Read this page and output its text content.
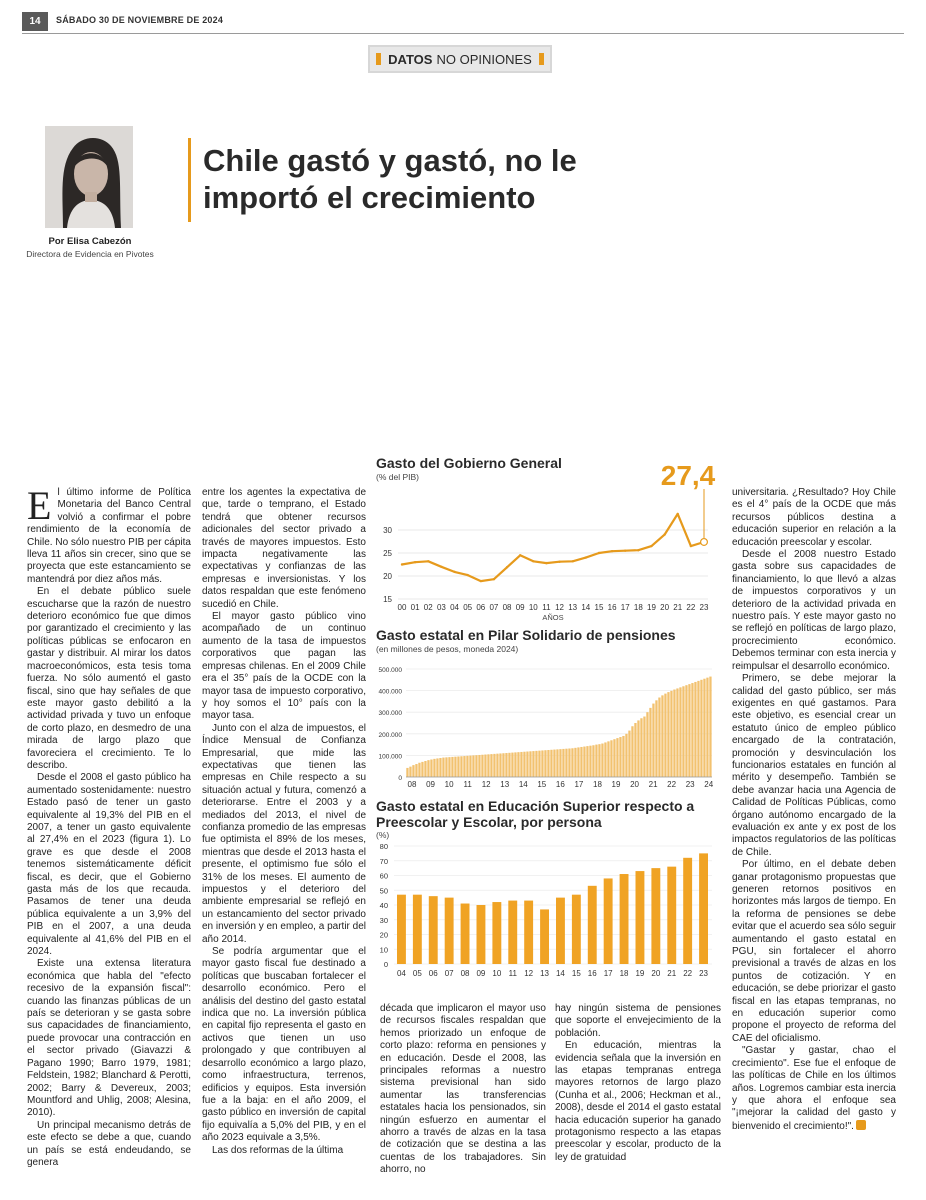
14	SÁBADO 30 DE NOVIEMBRE DE 2024
DATOS NO OPINIONES
Por Elisa Cabezón
Directora de Evidencia en Pivotes
Chile gastó y gastó, no le importó el crecimiento

El último informe de Política Monetaria del Banco Central volvió a confirmar el pobre rendimiento de la economía de Chile. No sólo nuestro PIB per cápita lleva 11 años sin crecer, sino que se proyecta que este estancamiento se mantendrá por diez años más.

En el debate público suele escucharse que la razón de nuestro deterioro económico fue que dimos por garantizado el crecimiento y las políticas públicas se enfocaron en gastar y distribuir. Al mirar los datos macroeconómicos, esta tesis toma fuerza. No sólo aumentó el gasto fiscal, sino que hay señales de que este mayor gasto debilitó a la actividad privada y tuvo un enfoque de corto plazo, en desmedro de una mirada de largo plazo que favoreciera el crecimiento. Te lo describo.

Desde el 2008 el gasto público ha aumentado sostenidamente: nuestro Estado pasó de tener un gasto equivalente al 19,3% del PIB en el 2007, a tener un gasto equivalente al 27,4% en el 2023 (figura 1). Lo grave es que desde el 2008 tenemos sistemáticamente déficit fiscal, es decir, que el Gobierno gasta más de los que recauda. Pasamos de tener una deuda pública equivalente a un 3,9% del PIB en el 2007, a una deuda equivalente al 41,6% del PIB en el 2024.

Existe una extensa literatura económica que habla del "efecto recesivo de la expansión fiscal": cuando las finanzas públicas de un país se deterioran y se gasta sobre sus capacidades de financiamiento, puede provocar una contracción en el sector privado (Giavazzi & Pagano 1990; Barro 1979, 1981; Feldstein, 1982; Blanchard & Perotti, 2002; Barry & Devereux, 2003; Mountford and Uhlig, 2008; Alesina, 2010).

Un principal mecanismo detrás de este efecto se debe a que, cuando un país se está endeudando, se genera

entre los agentes la expectativa de que, tarde o temprano, el Estado tendrá que obtener recursos adicionales del sector privado a través de mayores impuestos. Esto impacta negativamente las expectativas y confianzas de las empresas e inversionistas. Y los datos respaldan que este fenómeno sucedió en Chile.

El mayor gasto público vino acompañado de un continuo aumento de la tasa de impuestos corporativos que pagan las empresas chilenas. En el 2009 Chile era el 35° país de la OCDE con la mayor tasa de impuesto corporativo, y hoy somos el 10° país con la mayor tasa.

Junto con el alza de impuestos, el Índice Mensual de Confianza Empresarial, que mide las expectativas que tienen las empresas en Chile respecto a su situación actual y futura, comenzó a deteriorarse. Entre el 2003 y a mediados del 2013, el nivel de confianza promedio de las empresas fue optimista el 89% de los meses, mientras que desde el 2013 hasta el presente, el optimismo fue sólo el 31% de los meses. El aumento de impuestos y el deterioro del ambiente empresarial se reflejó en un estancamiento del sector privado en inversión y en empleo, a partir del año 2014.

Se podría argumentar que el mayor gasto fiscal fue destinado a políticas que buscaban fortalecer el desarrollo económico. Pero el análisis del destino del gasto estatal indica que no. La inversión pública en capital fijo representa el gasto en activos que tienen un uso prolongado y que contribuyen al desarrollo económico a largo plazo, como infraestructura, terrenos, edificios y equipos. Esta inversión fue a la baja: en el año 2009, el gasto público en inversión de capital fijo equivalía a 5,0% del PIB, y en el año 2023 equivale a 3,5%.

Las dos reformas de la última

década que implicaron el mayor uso de recursos fiscales respaldan que hemos priorizado un enfoque de corto plazo: reforma en pensiones y en educación. Desde el 2008, las principales reformas a nuestro sistema previsional han sido aumentar las transferencias estatales hacia los pensionados, sin ningún esfuerzo en aumentar el ahorro a través de alzas en la tasa de cotización que se destina a las cuentas de los trabajadores. Sin ahorro, no

hay ningún sistema de pensiones que soporte el envejecimiento de la población.

En educación, mientras la evidencia señala que la inversión en las etapas tempranas entrega mayores retornos de largo plazo (Cunha et al., 2006; Heckman et al., 2008), desde el 2014 el gasto estatal hacia educación superior ha ganado protagonismo respecto a las etapas preescolar y escolar, producto de la ley de gratuidad

universitaria. ¿Resultado? Hoy Chile es el 4° país de la OCDE que más recursos públicos destina a educación superior en relación a la educación preescolar y escolar.

Desde el 2008 nuestro Estado gasta sobre sus capacidades de financiamiento, lo que llevó a alzas de impuestos corporativos y un deterioro de la actividad privada en nuestro país. Y este mayor gasto no se reflejó en políticas de largo plazo, procrecimiento económico. Debemos terminar con esta inercia y reimpulsar el desarrollo económico.

Primero, se debe mejorar la calidad del gasto público, ser más exigentes en qué gastamos. Para este objetivo, es esencial crear un estatuto único de empleo público encargado de la contratación, promoción y desvinculación los funcionarios estatales en función al mérito y desempeño. También se debe avanzar hacia una Agencia de Calidad de Políticas Públicas, como órgano autónomo encargado de la evaluación ex ante y ex post de los impactos regulatorios de las políticas de Chile.

Por último, en el debate deben ganar protagonismo propuestas que generen retornos positivos en horizontes más largos de tiempo. En la reforma de pensiones se debe evitar que el acuerdo sea sólo seguir aumentando el gasto estatal en PGU, sin fortalecer el ahorro previsional a través de alzas en los puntos de cotización. Y en educación, se debe priorizar el gasto fiscal en las etapas tempranas, no en educación superior como propone el proyecto de reforma del CAE del oficialismo.

"Gastar y gastar, chao el crecimiento". Ese fue el enfoque de las políticas de Chile en los últimos años. Logremos cambiar esta inercia y que ahora el enfoque sea "¡mejorar la calidad del gasto y bienvenido el crecimiento!".

Gasto del Gobierno General
(% del PIB)
15
20
25
30
00 01 02 03 04 05 06 07 08 09 10 11 12 13 14 15 16 17 18 19 20 21 22 23
AÑOS
27,4
Gasto estatal en Pilar Solidario de pensiones
(en millones de pesos, moneda 2024)
0
100.000
200.000
300.000
400.000
500.000
08 09 10 11 12 13 14 15 16 17 18 19 20 21 22 23 24
Gasto estatal en Educación Superior respecto a Preescolar y Escolar, por persona
(%)
0
10
20
30
40
50
60
70
80
04 05 06 07 08 09 10 11 12 13 14 15 16 17 18 19 20 21 22 23
